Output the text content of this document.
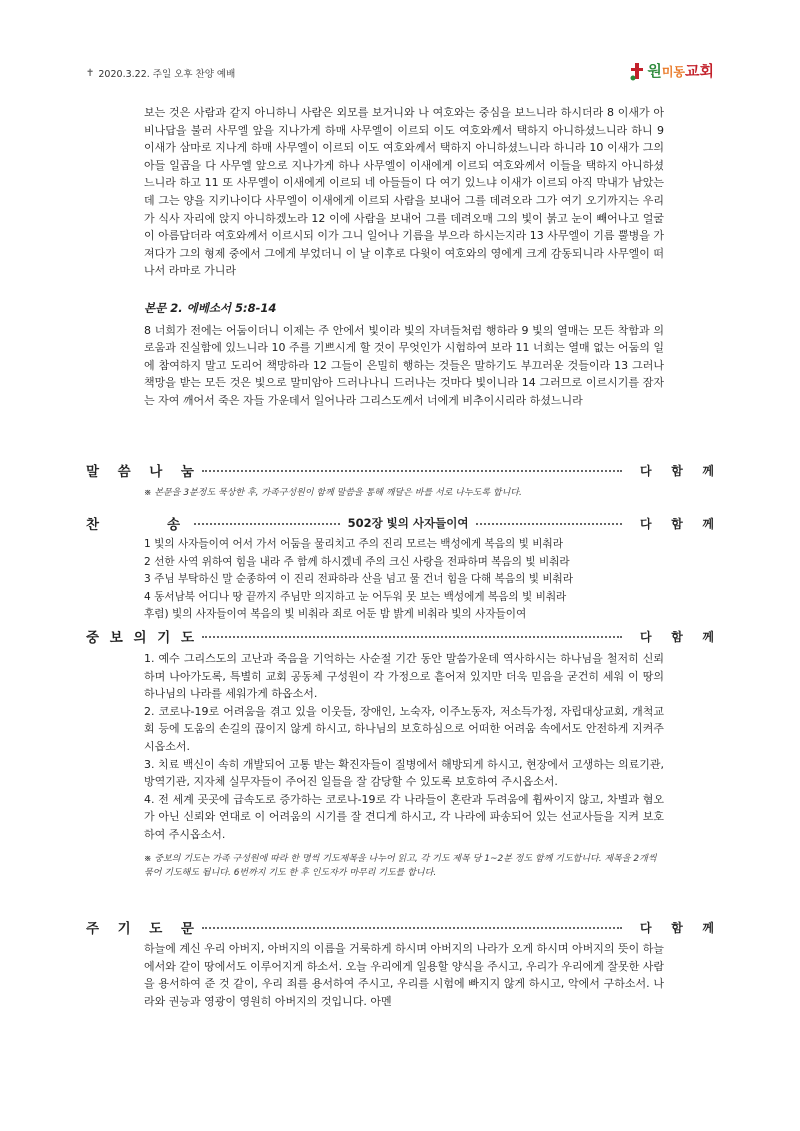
✝ 2020.3.22. 주일 오후 찬양 예배	원미동교회

보는 것은 사람과 같지 아니하니 사람은 외모를 보거니와 나 여호와는 중심을 보느니라 하시더라 8 이새가 아비나답을 불러 사무엘 앞을 지나가게 하매 사무엘이 이르되 이도 여호와께서 택하지 아니하셨느니라 하니 9 이새가 삼마로 지나게 하매 사무엘이 이르되 이도 여호와께서 택하지 아니하셨느니라 하니라 10 이새가 그의 아들 일곱을 다 사무엘 앞으로 지나가게 하나 사무엘이 이새에게 이르되 여호와께서 이들을 택하지 아니하셨느니라 하고 11 또 사무엘이 이새에게 이르되 네 아들들이 다 여기 있느냐 이새가 이르되 아직 막내가 남았는데 그는 양을 지키나이다 사무엘이 이새에게 이르되 사람을 보내어 그를 데려오라 그가 여기 오기까지는 우리가 식사 자리에 앉지 아니하겠노라 12 이에 사람을 보내어 그를 데려오매 그의 빛이 붉고 눈이 빼어나고 얼굴이 아름답더라 여호와께서 이르시되 이가 그니 일어나 기름을 부으라 하시는지라 13 사무엘이 기름 뿔병을 가져다가 그의 형제 중에서 그에게 부었더니 이 날 이후로 다윗이 여호와의 영에게 크게 감동되니라 사무엘이 떠나서 라마로 가니라

본문 2. 에베소서 5:8-14

8 너희가 전에는 어둠이더니 이제는 주 안에서 빛이라 빛의 자녀들처럼 행하라 9 빛의 열매는 모든 착함과 의로움과 진실함에 있느니라 10 주를 기쁘시게 할 것이 무엇인가 시험하여 보라 11 너희는 열매 없는 어둠의 일에 참여하지 말고 도리어 책망하라 12 그들이 은밀히 행하는 것들은 말하기도 부끄러운 것들이라 13 그러나 책망을 받는 모든 것은 빛으로 말미암아 드러나나니 드러나는 것마다 빛이니라 14 그러므로 이르시기를 잠자는 자여 깨어서 죽은 자들 가운데서 일어나라 그리스도께서 너에게 비추이시리라 하셨느니라

말 씀 나 눔	다 함 께
※ 본문을 3분정도 묵상한 후, 가족구성원이 함께 말씀을 통해 깨달은 바를 서로 나누도록 합니다.
찬	송	502장 빛의 사자들이여	다 함 께
1 빛의 사자들이여 어서 가서 어둠을 물리치고 주의 진리 모르는 백성에게 복음의 빛 비춰라
2 선한 사역 위하여 힘을 내라 주 함께 하시겠네 주의 크신 사랑을 전파하며 복음의 빛 비춰라
3 주님 부탁하신 말 순종하여 이 진리 전파하라 산을 넘고 물 건너 힘을 다해 복음의 빛 비춰라
4 동서남북 어디나 땅 끝까지 주님만 의지하고 눈 어두워 못 보는 백성에게 복음의 빛 비춰라
후렴) 빛의 사자들이여 복음의 빛 비춰라 죄로 어둔 밤 밝게 비춰라 빛의 사자들이여
중 보 의 기 도	다 함 께
1. 예수 그리스도의 고난과 죽음을 기억하는 사순절 기간 동안 말씀가운데 역사하시는 하나님을 철저히 신뢰하며 나아가도록, 특별히 교회 공동체 구성원이 각 가정으로 흩어져 있지만 더욱 믿음을 굳건히 세워 이 땅의 하나님의 나라를 세워가게 하옵소서.
2. 코로나-19로 어려움을 겪고 있을 이웃들, 장애인, 노숙자, 이주노동자, 저소득가정, 자립대상교회, 개척교회 등에 도움의 손길의 끊이지 않게 하시고, 하나님의 보호하심으로 어떠한 어려움 속에서도 안전하게 지켜주시옵소서.
3. 치료 백신이 속히 개발되어 고통 받는 확진자들이 질병에서 해방되게 하시고, 현장에서 고생하는 의료기관, 방역기관, 지자체 실무자들이 주어진 일들을 잘 감당할 수 있도록 보호하여 주시옵소서.
4. 전 세계 곳곳에 급속도로 증가하는 코로나-19로 각 나라들이 혼란과 두려움에 휩싸이지 않고, 차별과 혐오가 아닌 신뢰와 연대로 이 어려움의 시기를 잘 견디게 하시고, 각 나라에 파송되어 있는 선교사들을 지켜 보호하여 주시옵소서.
※ 중보의 기도는 가족 구성원에 따라 한 명씩 기도제목을 나누어 읽고, 각 기도 제목 당 1~2분 정도 함께 기도합니다. 제목을 2개씩 묶어 기도해도 됩니다. 6번까지 기도 한 후 인도자가 마무리 기도를 합니다.
주 기 도 문	다 함 께
하늘에 계신 우리 아버지, 아버지의 이름을 거룩하게 하시며 아버지의 나라가 오게 하시며 아버지의 뜻이 하늘에서와 같이 땅에서도 이루어지게 하소서. 오늘 우리에게 일용할 양식을 주시고, 우리가 우리에게 잘못한 사람을 용서하여 준 것 같이, 우리 죄를 용서하여 주시고, 우리를 시험에 빠지지 않게 하시고, 악에서 구하소서. 나라와 권능과 영광이 영원히 아버지의 것입니다. 아멘
